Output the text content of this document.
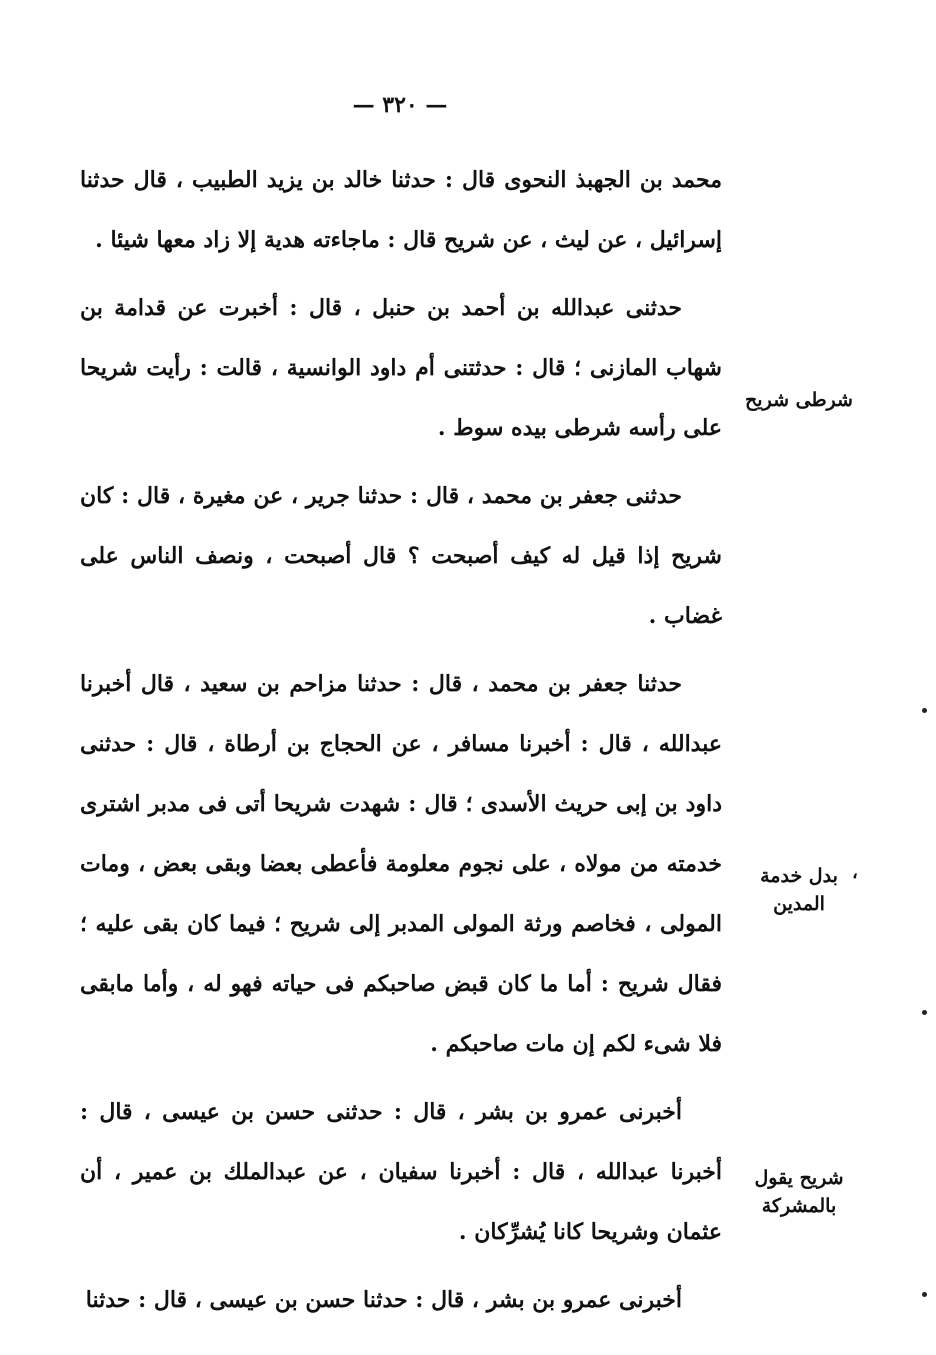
— ٣٢٠ —

محمد بن الجهبذ النحوى قال : حدثنا خالد بن يزيد الطبيب ، قال حدثنا إسرائيل ، عن ليث ، عن شريح قال : ماجاءته هدية إلا زاد معها شيئا .

حدثنى عبدالله بن أحمد بن حنبل ، قال : أخبرت عن قدامة بن شهاب المازنى ؛ قال : حدثتنى أم داود الوانسية ، قالت : رأيت شريحا على رأسه شرطى بيده سوط .

حدثنى جعفر بن محمد ، قال : حدثنا جرير ، عن مغيرة ، قال : كان شريح إذا قيل له كيف أصبحت ؟ قال أصبحت ، ونصف الناس على غضاب .

حدثنا جعفر بن محمد ، قال : حدثنا مزاحم بن سعيد ، قال أخبرنا عبدالله ، قال : أخبرنا مسافر ، عن الحجاج بن أرطاة ، قال : حدثنى داود بن إبى حريث الأسدى ؛ قال : شهدت شريحا أتى فى مدبر اشترى خدمته من مولاه ، على نجوم معلومة فأعطى بعضا وبقى بعض ، ومات المولى ، فخاصم ورثة المولى المدبر إلى شريح ؛ فيما كان بقى عليه ؛ فقال شريح : أما ما كان قبض صاحبكم فى حياته فهو له ، وأما مابقى فلا شىء لكم إن مات صاحبكم .

أخبرنى عمرو بن بشر ، قال : حدثنى حسن بن عيسى ، قال : أخبرنا عبدالله ، قال : أخبرنا سفيان ، عن عبدالملك بن عمير ، أن عثمان وشريحا كانا يُشرِّكان .

أخبرنى عمرو بن بشر ، قال : حدثنا حسن بن عيسى ، قال : حدثنا

شرطى شريح
بدل خدمة المدين
شريح يقول بالمشركة
،
